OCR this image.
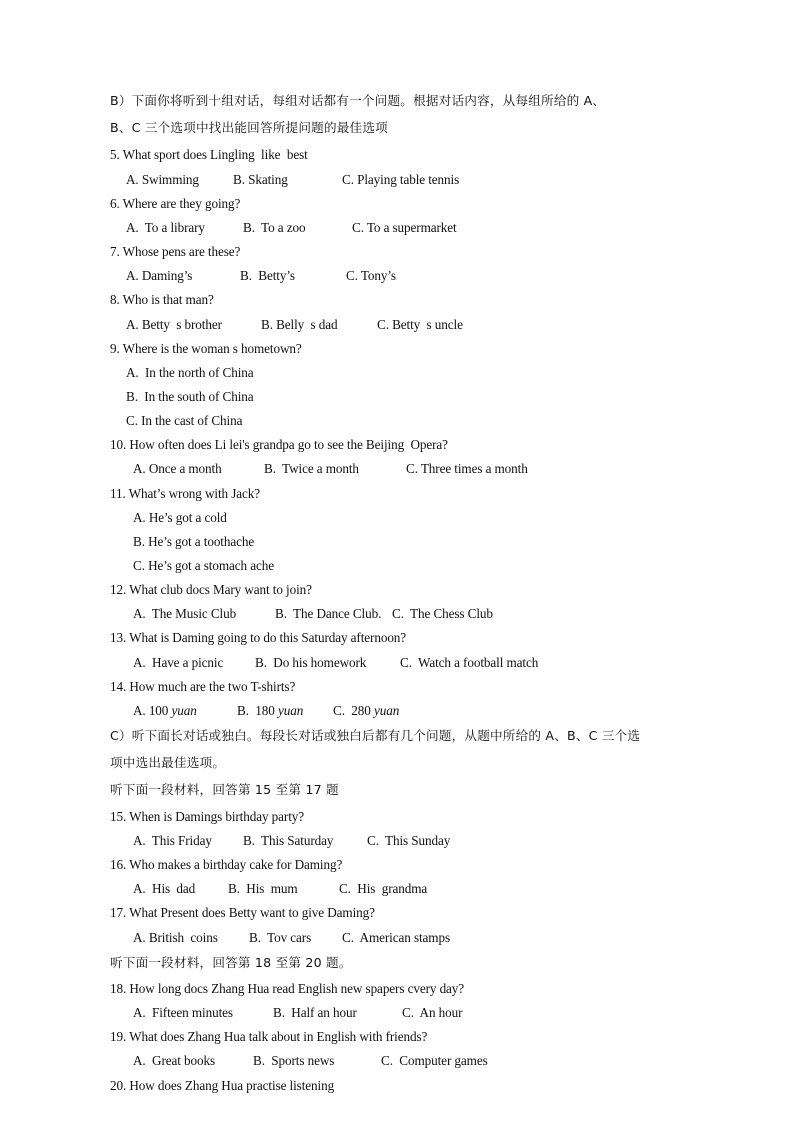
B）下面你将听到十组对话，每组对话都有一个问题。根据对话内容，从每组所给的 A、
B、C 三个选项中找出能回答所提问题的最佳选项
5. What sport does Lingling  like  best
A. Swimming	B. Skating	C. Playing table tennis
6. Where are they going?
A.  To a library	B.  To a zoo	C. To a supermarket
7. Whose pens are these?
A. Daming’s	B.  Betty’s	C. Tony’s
8. Who is that man?
A. Betty  s brother	B. Belly  s dad	C. Betty  s uncle
9. Where is the woman s hometown?
A.  In the north of China
B.  In the south of China
C. In the cast of China
10. How often does Li lei's grandpa go to see the Beijing  Opera?
A. Once a month	B.  Twice a month	C. Three times a month
11. What’s wrong with Jack?
A. He’s got a cold
B. He’s got a toothache
C. He’s got a stomach ache
12. What club docs Mary want to join?
A.  The Music Club	B.  The Dance Club. C.  The Chess Club
13. What is Daming going to do this Saturday afternoon?
A.  Have a picnic B.  Do his homework	C.  Watch a football match
14. How much are the two T-shirts?
A. 100 yuan	B.  180 yuan C.  280 yuan
C）听下面长对话或独白。每段长对话或独白后都有几个问题，从题中所给的 A、B、C 三个选
项中选出最佳选项。
听下面一段材料，回答第 15 至第 17 题
15. When is Damings birthday party?
A.  This Friday B.  This Saturday	C.  This Sunday
16. Who makes a birthday cake for Daming?
A.  His  dad B.  His  mum	C.  His  grandma
17. What Present does Betty want to give Daming?
A. British  coins B.  Tov cars C.  American stamps
听下面一段材料，回答第 18 至第 20 题。
18. How long docs Zhang Hua read English new spapers cvery day?
A.  Fifteen minutes	B.  Half an hour	C.  An hour
19. What does Zhang Hua talk about in English with friends?
A.  Great books	B.  Sports news	C.  Computer games
20. How does Zhang Hua practise listening
